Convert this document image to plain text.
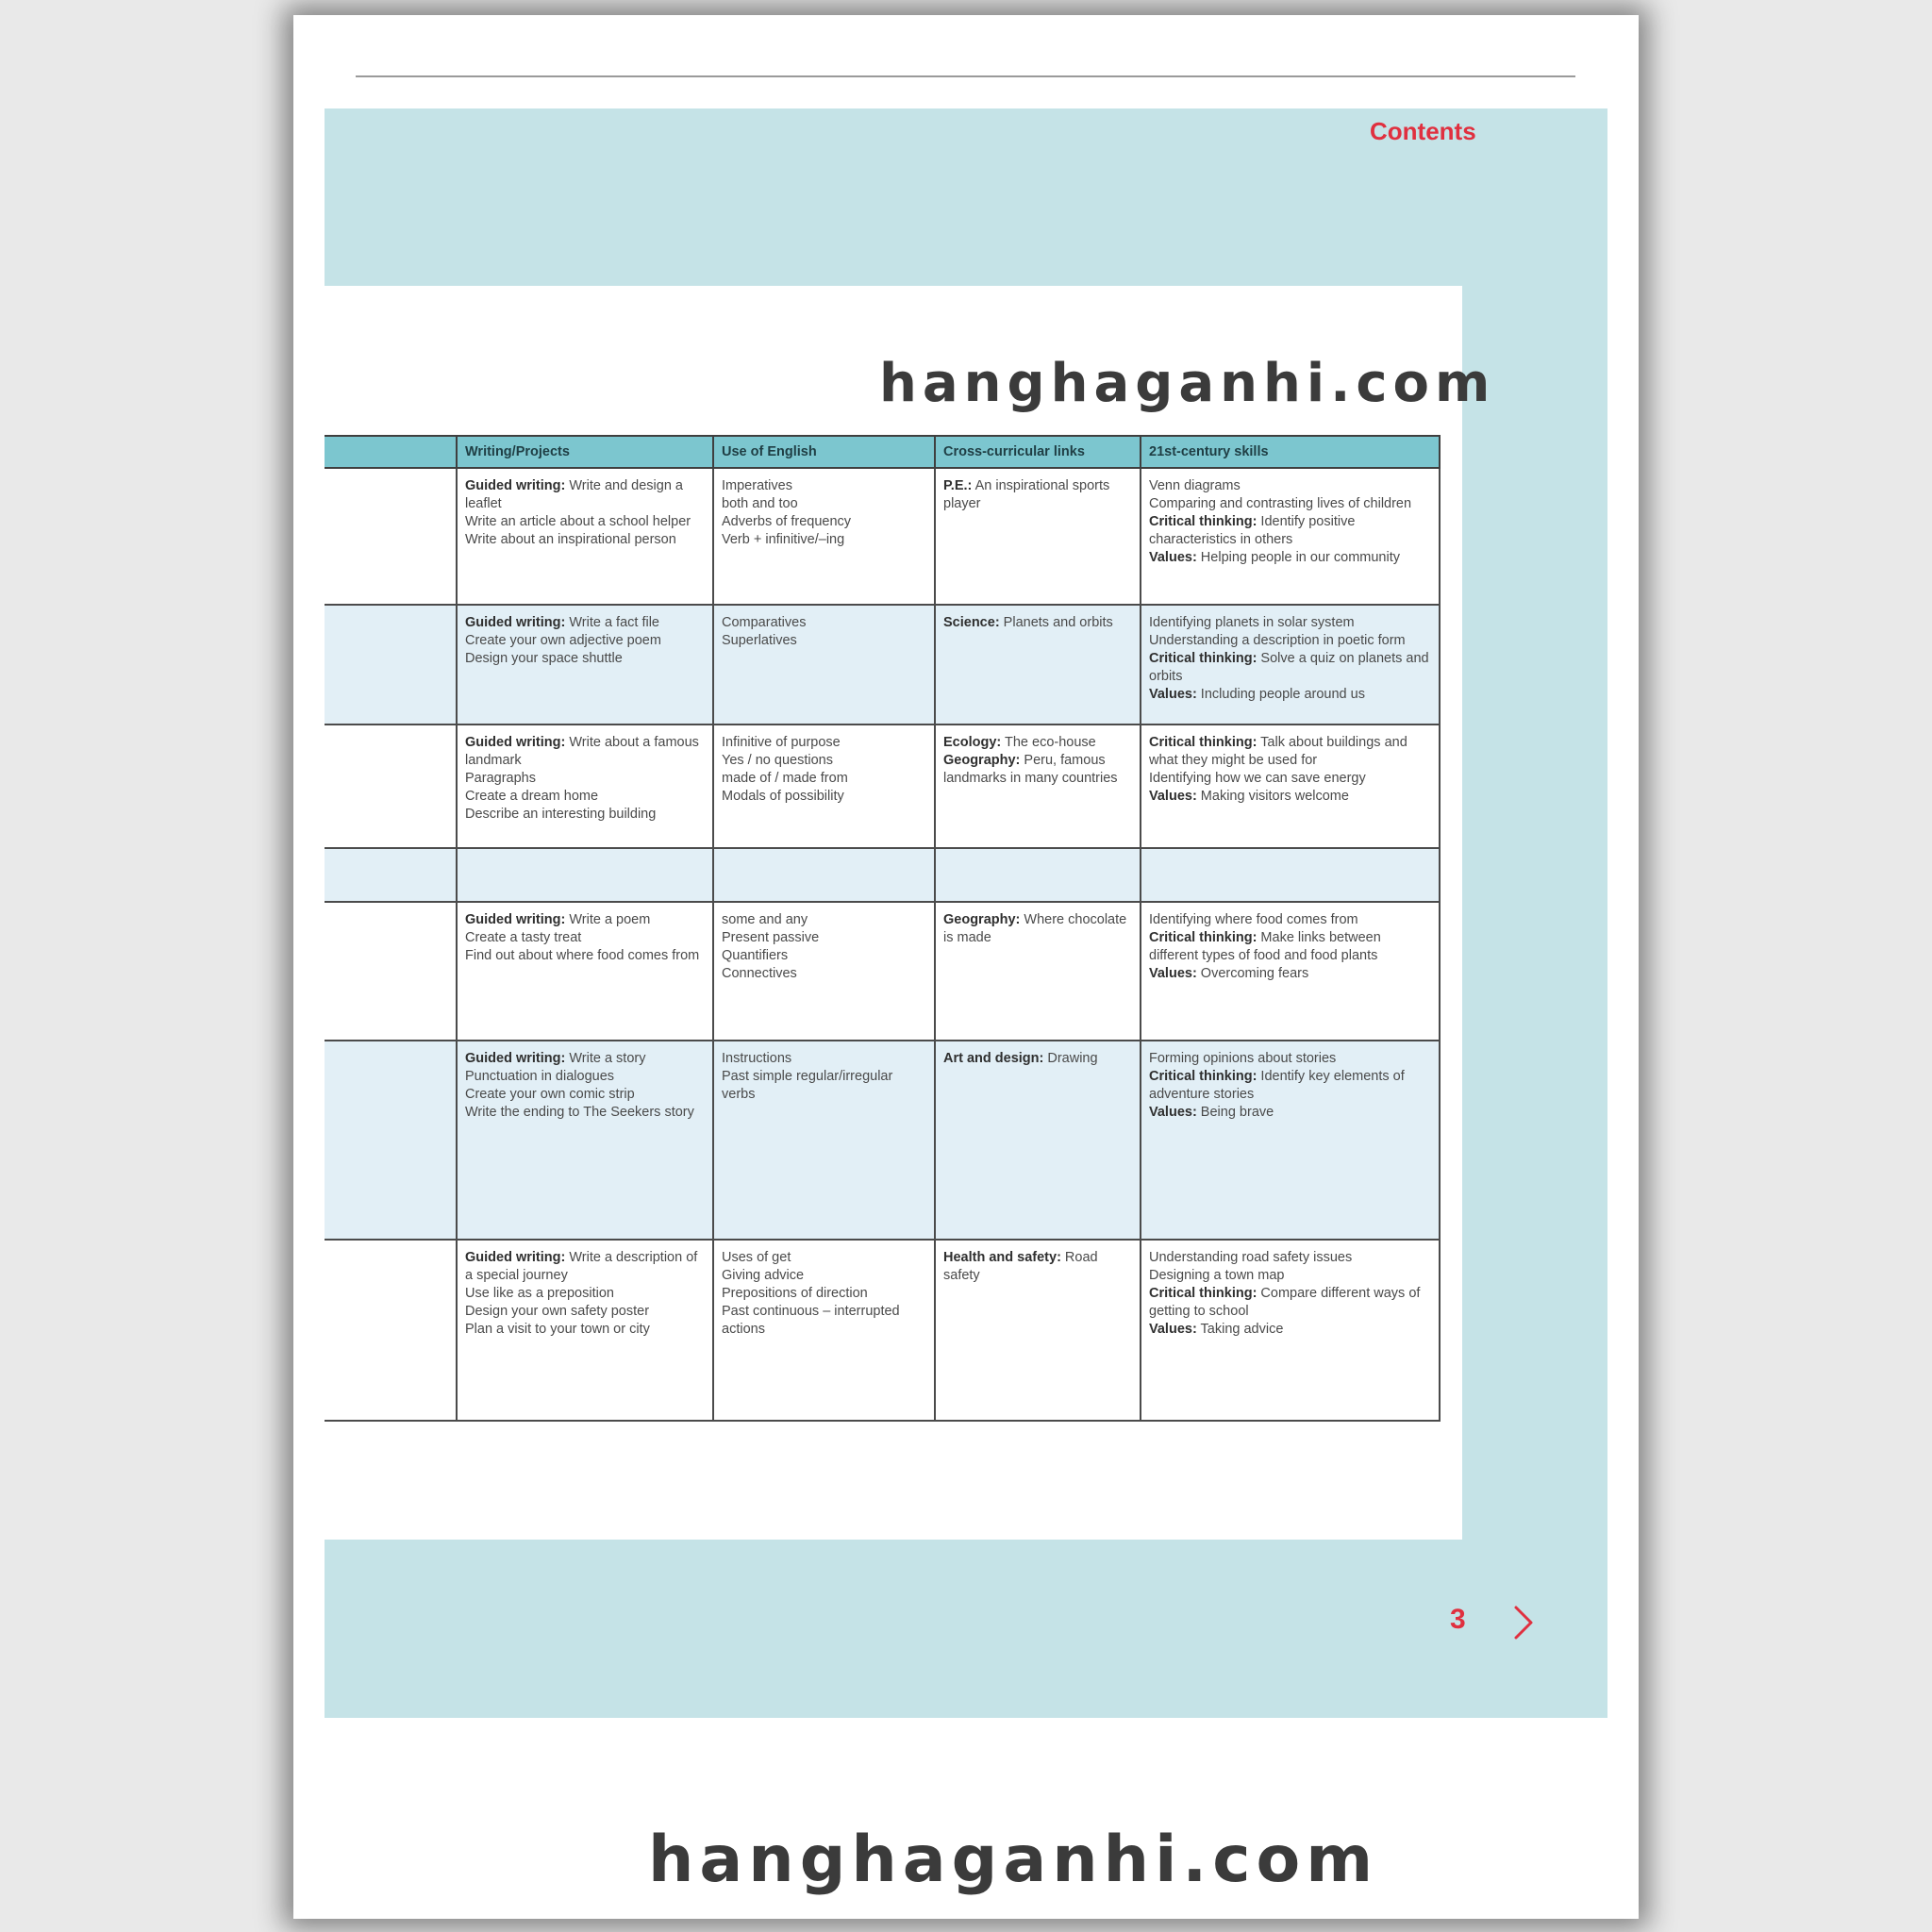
Contents
	Writing/Projects	Use of English	Cross-curricular links	21st-century skills

	Guided writing: Write and design a leaflet
Write an article about a school helper
Write about an inspirational person	Imperatives
both and too
Adverbs of frequency
Verb + infinitive/–ing	P.E.: An inspirational sports player	Venn diagrams
Comparing and contrasting lives of children
Critical thinking: Identify positive characteristics in others
Values: Helping people in our community

	Guided writing: Write a fact file
Create your own adjective poem
Design your space shuttle	Comparatives
Superlatives	Science: Planets and orbits	Identifying planets in solar system
Understanding a description in poetic form
Critical thinking: Solve a quiz on planets and orbits
Values: Including people around us

	Guided writing: Write about a famous landmark
Paragraphs
Create a dream home
Describe an interesting building	Infinitive of purpose
Yes / no questions
made of / made from
Modals of possibility	Ecology: The eco-house
Geography: Peru, famous landmarks in many countries	Critical thinking: Talk about buildings and what they might be used for
Identifying how we can save energy
Values: Making visitors welcome

	Guided writing: Write a poem
Create a tasty treat
Find out about where food comes from	some and any
Present passive
Quantifiers
Connectives	Geography: Where chocolate is made	Identifying where food comes from
Critical thinking: Make links between different types of food and food plants
Values: Overcoming fears

	Guided writing: Write a story
Punctuation in dialogues
Create your own comic strip
Write the ending to The Seekers story	Instructions
Past simple regular/irregular verbs	Art and design: Drawing	Forming opinions about stories
Critical thinking: Identify key elements of adventure stories
Values: Being brave

	Guided writing: Write a description of a special journey
Use like as a preposition
Design your own safety poster
Plan a visit to your town or city	Uses of get
Giving advice
Prepositions of direction
Past continuous – interrupted actions	Health and safety: Road safety	Understanding road safety issues
Designing a town map
Critical thinking: Compare different ways of getting to school
Values: Taking advice
hanghaganhi.com
hanghaganhi.com
3
